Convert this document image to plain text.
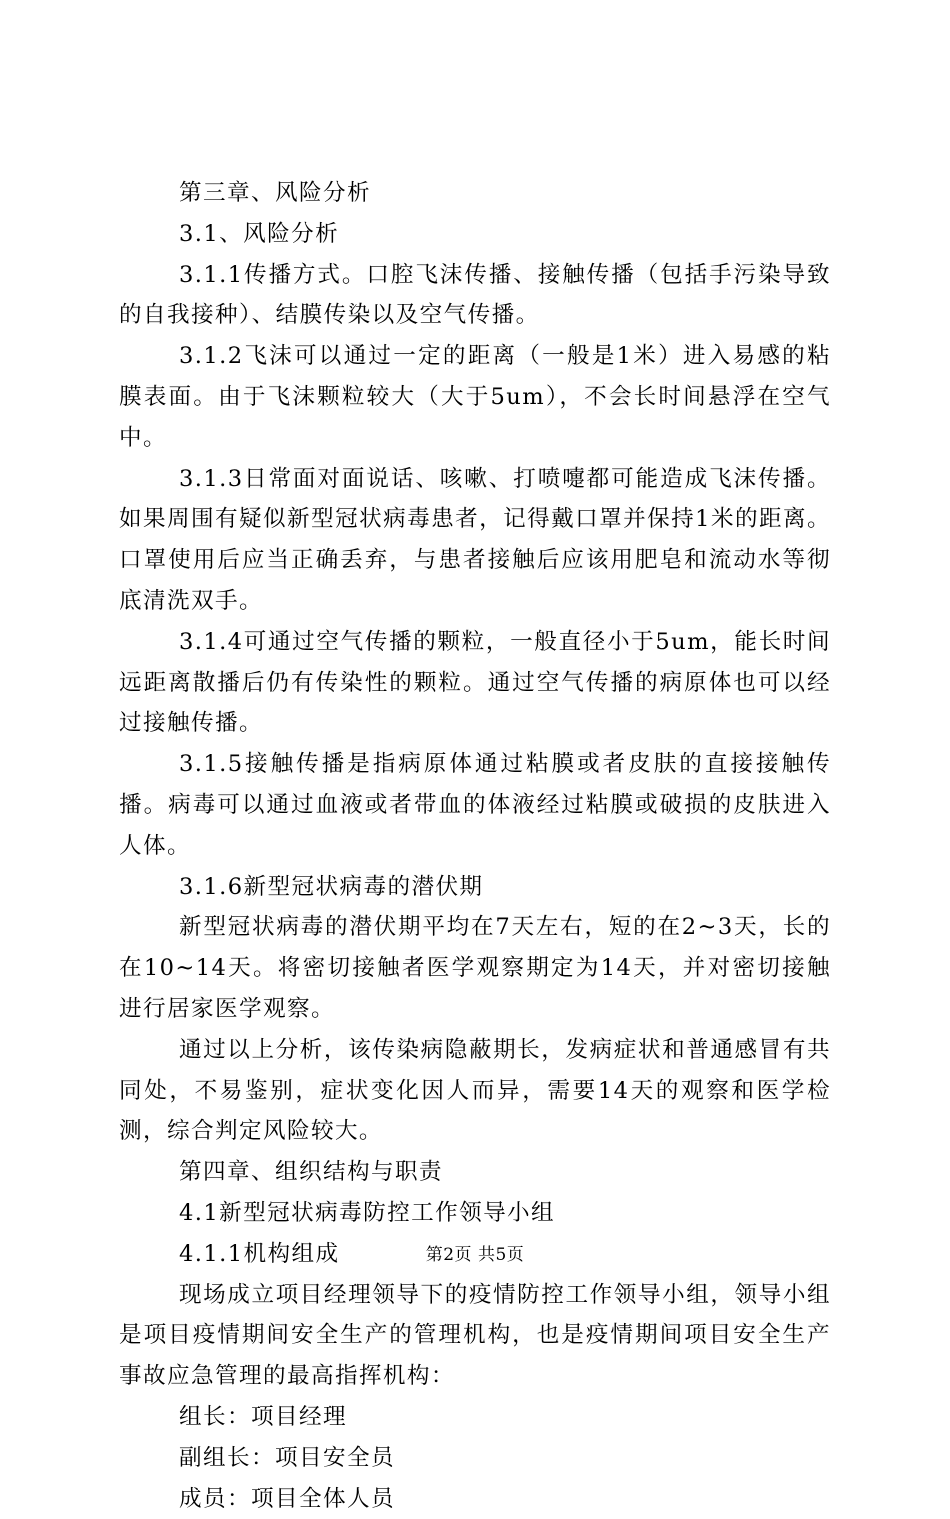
第三章、风险分析

3.1、风险分析

3.1.1传播方式。口腔飞沫传播、接触传播（包括手污染导致的自我接种）、结膜传染以及空气传播。

3.1.2飞沫可以通过一定的距离（一般是1米）进入易感的粘膜表面。由于飞沫颗粒较大（大于5um），不会长时间悬浮在空气中。

3.1.3日常面对面说话、咳嗽、打喷嚏都可能造成飞沫传播。如果周围有疑似新型冠状病毒患者，记得戴口罩并保持1米的距离。口罩使用后应当正确丢弃，与患者接触后应该用肥皂和流动水等彻底清洗双手。

3.1.4可通过空气传播的颗粒，一般直径小于5um，能长时间远距离散播后仍有传染性的颗粒。通过空气传播的病原体也可以经过接触传播。

3.1.5接触传播是指病原体通过粘膜或者皮肤的直接接触传播。病毒可以通过血液或者带血的体液经过粘膜或破损的皮肤进入人体。

3.1.6新型冠状病毒的潜伏期

新型冠状病毒的潜伏期平均在7天左右，短的在2~3天，长的在10~14天。将密切接触者医学观察期定为14天，并对密切接触进行居家医学观察。

通过以上分析，该传染病隐蔽期长，发病症状和普通感冒有共同处，不易鉴别，症状变化因人而异，需要14天的观察和医学检测，综合判定风险较大。

第四章、组织结构与职责

4.1新型冠状病毒防控工作领导小组

4.1.1机构组成

现场成立项目经理领导下的疫情防控工作领导小组，领导小组是项目疫情期间安全生产的管理机构，也是疫情期间项目安全生产事故应急管理的最高指挥机构：

组长：项目经理

副组长：项目安全员

成员：项目全体人员

第2页 共5页
